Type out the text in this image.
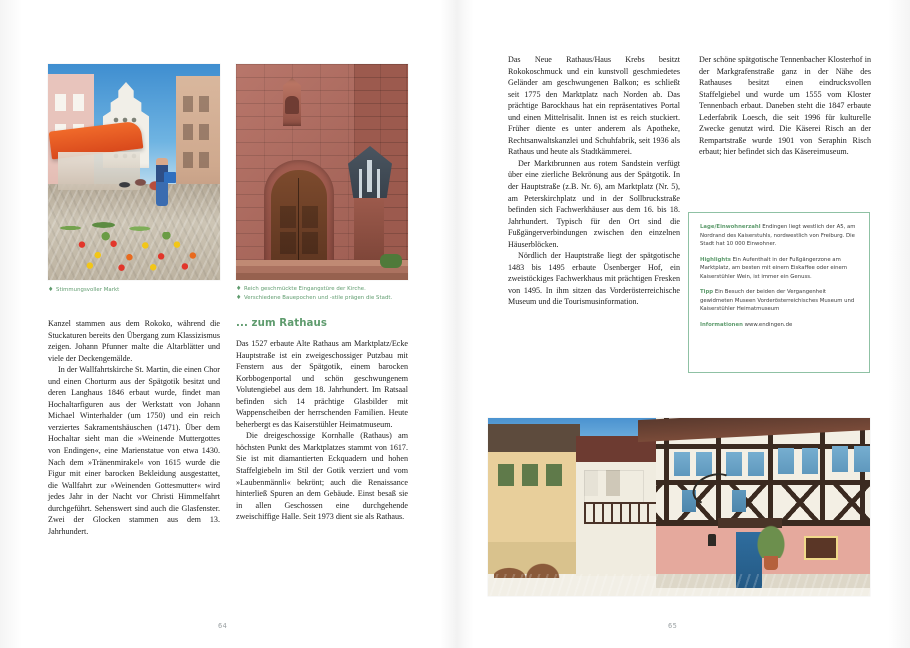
♦ Stimmungsvoller Markt	♦ Reich geschmückte Eingangstüre der Kirche.
♦ Verschiedene Bauepochen und -stile prägen die Stadt.

Kanzel stammen aus dem Rokoko, während die Stuckaturen bereits den Übergang zum Klassizismus zeigen. Johann Pfunner malte die Altarblätter und viele der Deckengemälde.

In der Wallfahrtskirche St. Martin, die einen Chor und einen Chorturm aus der Spätgotik besitzt und deren Langhaus 1846 erbaut wurde, findet man Hochaltarfiguren aus der Werkstatt von Johann Michael Winterhalder (um 1750) und ein reich verziertes Sakramentshäuschen (1471). Über dem Hochaltar sieht man die »Weinende Muttergottes von Endingen«, eine Marienstatue von etwa 1430. Nach dem »Tränenmirakel« von 1615 wurde die Figur mit einer barocken Bekleidung ausgestattet, die Wallfahrt zur »Weinenden Gottesmutter« wird jedes Jahr in der Nacht vor Christi Himmelfahrt durchgeführt. Sehenswert sind auch die Glasfenster. Zwei der Glocken stammen aus dem 13. Jahrhundert.

... zum Rathaus

Das 1527 erbaute Alte Rathaus am Marktplatz/Ecke Hauptstraße ist ein zweigeschossiger Putzbau mit Fenstern aus der Spätgotik, einem barocken Korbbogenportal und schön geschwungenem Volutengiebel aus dem 18. Jahrhundert. Im Ratsaal befinden sich 14 prächtige Glasbilder mit Wappenscheiben der herrschenden Familien. Heute beherbergt es das Kaiserstühler Heimatmuseum.

Die dreigeschossige Kornhalle (Rathaus) am höchsten Punkt des Marktplatzes stammt von 1617. Sie ist mit diamantierten Eckquadern und hohen Staffelgiebeln im Stil der Gotik verziert und vom »Laubenmännli« bekrönt; auch die Renaissance hinterließ Spuren an dem Gebäude. Einst besaß sie in allen Geschossen eine durchgehende zweischiffige Halle. Seit 1973 dient sie als Rathaus.

64

Das Neue Rathaus/Haus Krebs besitzt Rokokoschmuck und ein kunstvoll geschmiedetes Geländer am geschwungenen Balkon; es schließt seit 1775 den Marktplatz nach Norden ab. Das prächtige Barockhaus hat ein repräsentatives Portal und einen Mittelrisalit. Innen ist es reich stuckiert. Früher diente es unter anderem als Apotheke, Rechtsanwaltskanzlei und Schuhfabrik, seit 1936 als Rathaus und heute als Stadtkämmerei.

Der Marktbrunnen aus rotem Sandstein verfügt über eine zierliche Bekrönung aus der Spätgotik. In der Hauptstraße (z.B. Nr. 6), am Marktplatz (Nr. 5), am Peterskirchplatz und in der Sollbruckstraße befinden sich Fachwerkhäuser aus dem 16. bis 18. Jahrhundert. Typisch für den Ort sind die Fußgängerverbindungen zwischen den einzelnen Häuserblöcken.

Nördlich der Hauptstraße liegt der spätgotische 1483 bis 1495 erbaute Üsenberger Hof, ein zweistöckiges Fachwerkhaus mit prächtigen Fresken von 1495. In ihm sitzen das Vorderösterreichische Museum und die Tourismusinformation.

Der schöne spätgotische Tennenbacher Klosterhof in der Markgrafenstraße ganz in der Nähe des Rathauses besitzt einen eindrucksvollen Staffelgiebel und wurde um 1555 vom Kloster Tennenbach erbaut. Daneben steht die 1847 erbaute Lederfabrik Loesch, die seit 1996 für kulturelle Zwecke genutzt wird. Die Käserei Risch an der Rempartstraße wurde 1901 von Seraphin Risch erbaut; hier befindet sich das Käsereimuseum.

Lage/Einwohnerzahl Endingen liegt westlich der A5, am Nordrand des Kaiserstuhls, nordwestlich von Freiburg. Die Stadt hat 10 000 Einwohner.

Highlights Ein Aufenthalt in der Fußgängerzone am Marktplatz, am besten mit einem Eiskaffee oder einem Kaiserstühler Wein, ist immer ein Genuss.

Tipp Ein Besuch der beiden der Vergangenheit gewidmeten Museen Vorderösterreichisches Museum und Kaiserstühler Heimatmuseum

Informationen www.endingen.de

65
